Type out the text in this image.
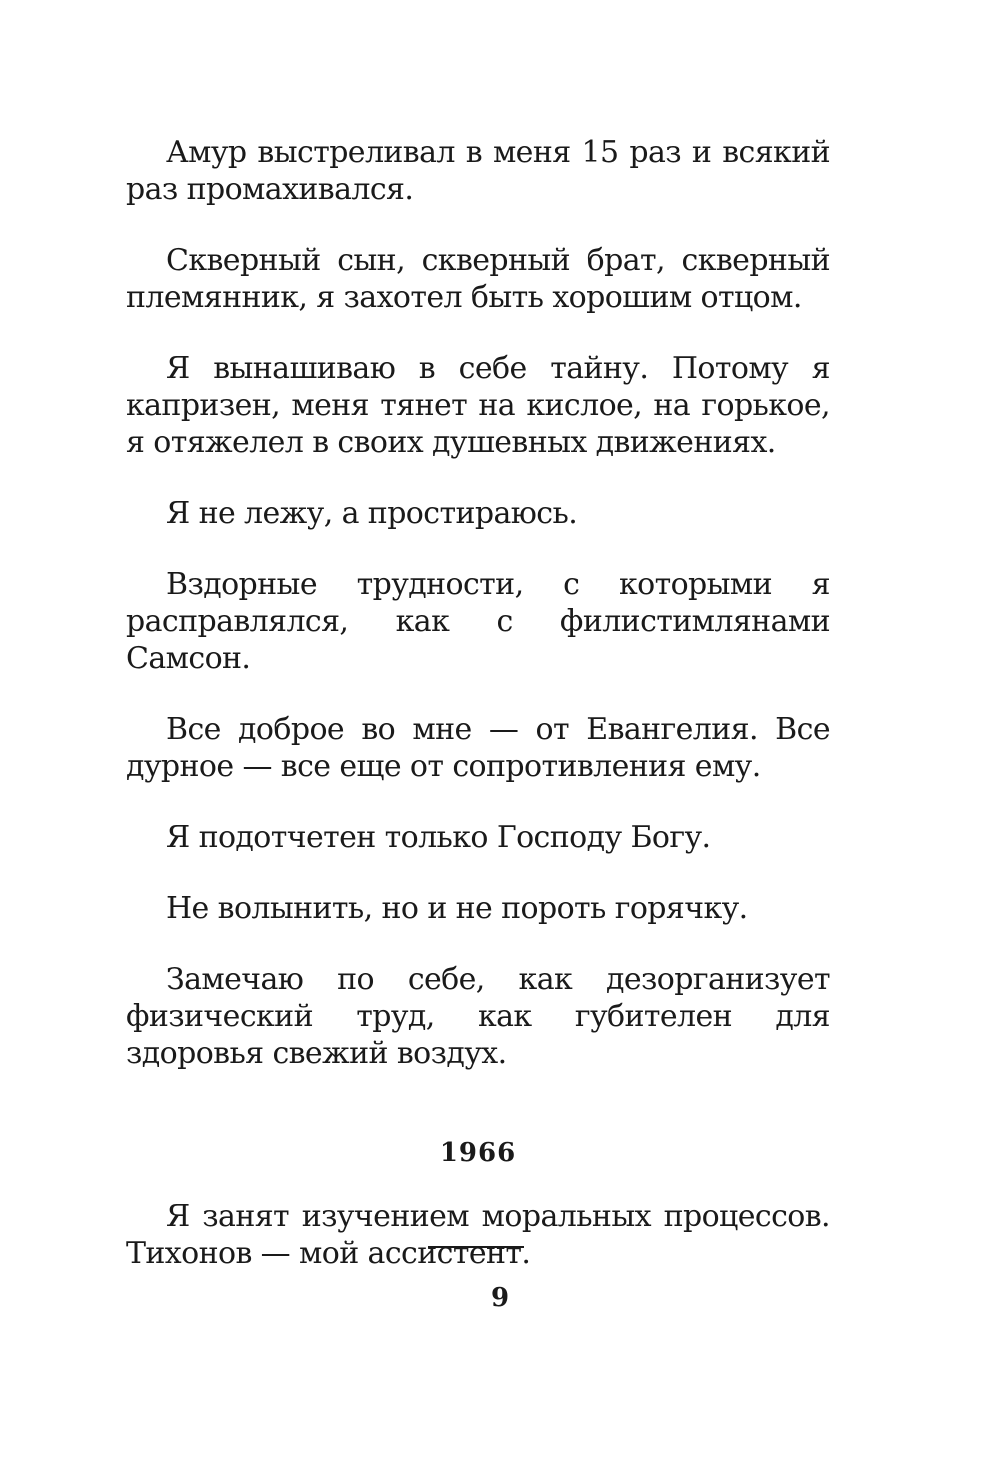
Амур выстреливал в меня 15 раз и всякий раз промахивался.

Скверный сын, скверный брат, скверный племянник, я захотел быть хорошим отцом.

Я вынашиваю в себе тайну. Потому я капризен, меня тянет на кислое, на горькое, я отяжелел в своих душевных движениях.

Я не лежу, а простираюсь.

Вздорные трудности, с которыми я расправлялся, как с филистимлянами Самсон.

Все доброе во мне — от Евангелия. Все дурное — все еще от сопротивления ему.

Я подотчетен только Господу Богу.

Не волынить, но и не пороть горячку.

Замечаю по себе, как дезорганизует физический труд, как губителен для здоровья свежий воздух.

1966

Я занят изучением моральных процессов. Тихонов — мой ассистент.

9
